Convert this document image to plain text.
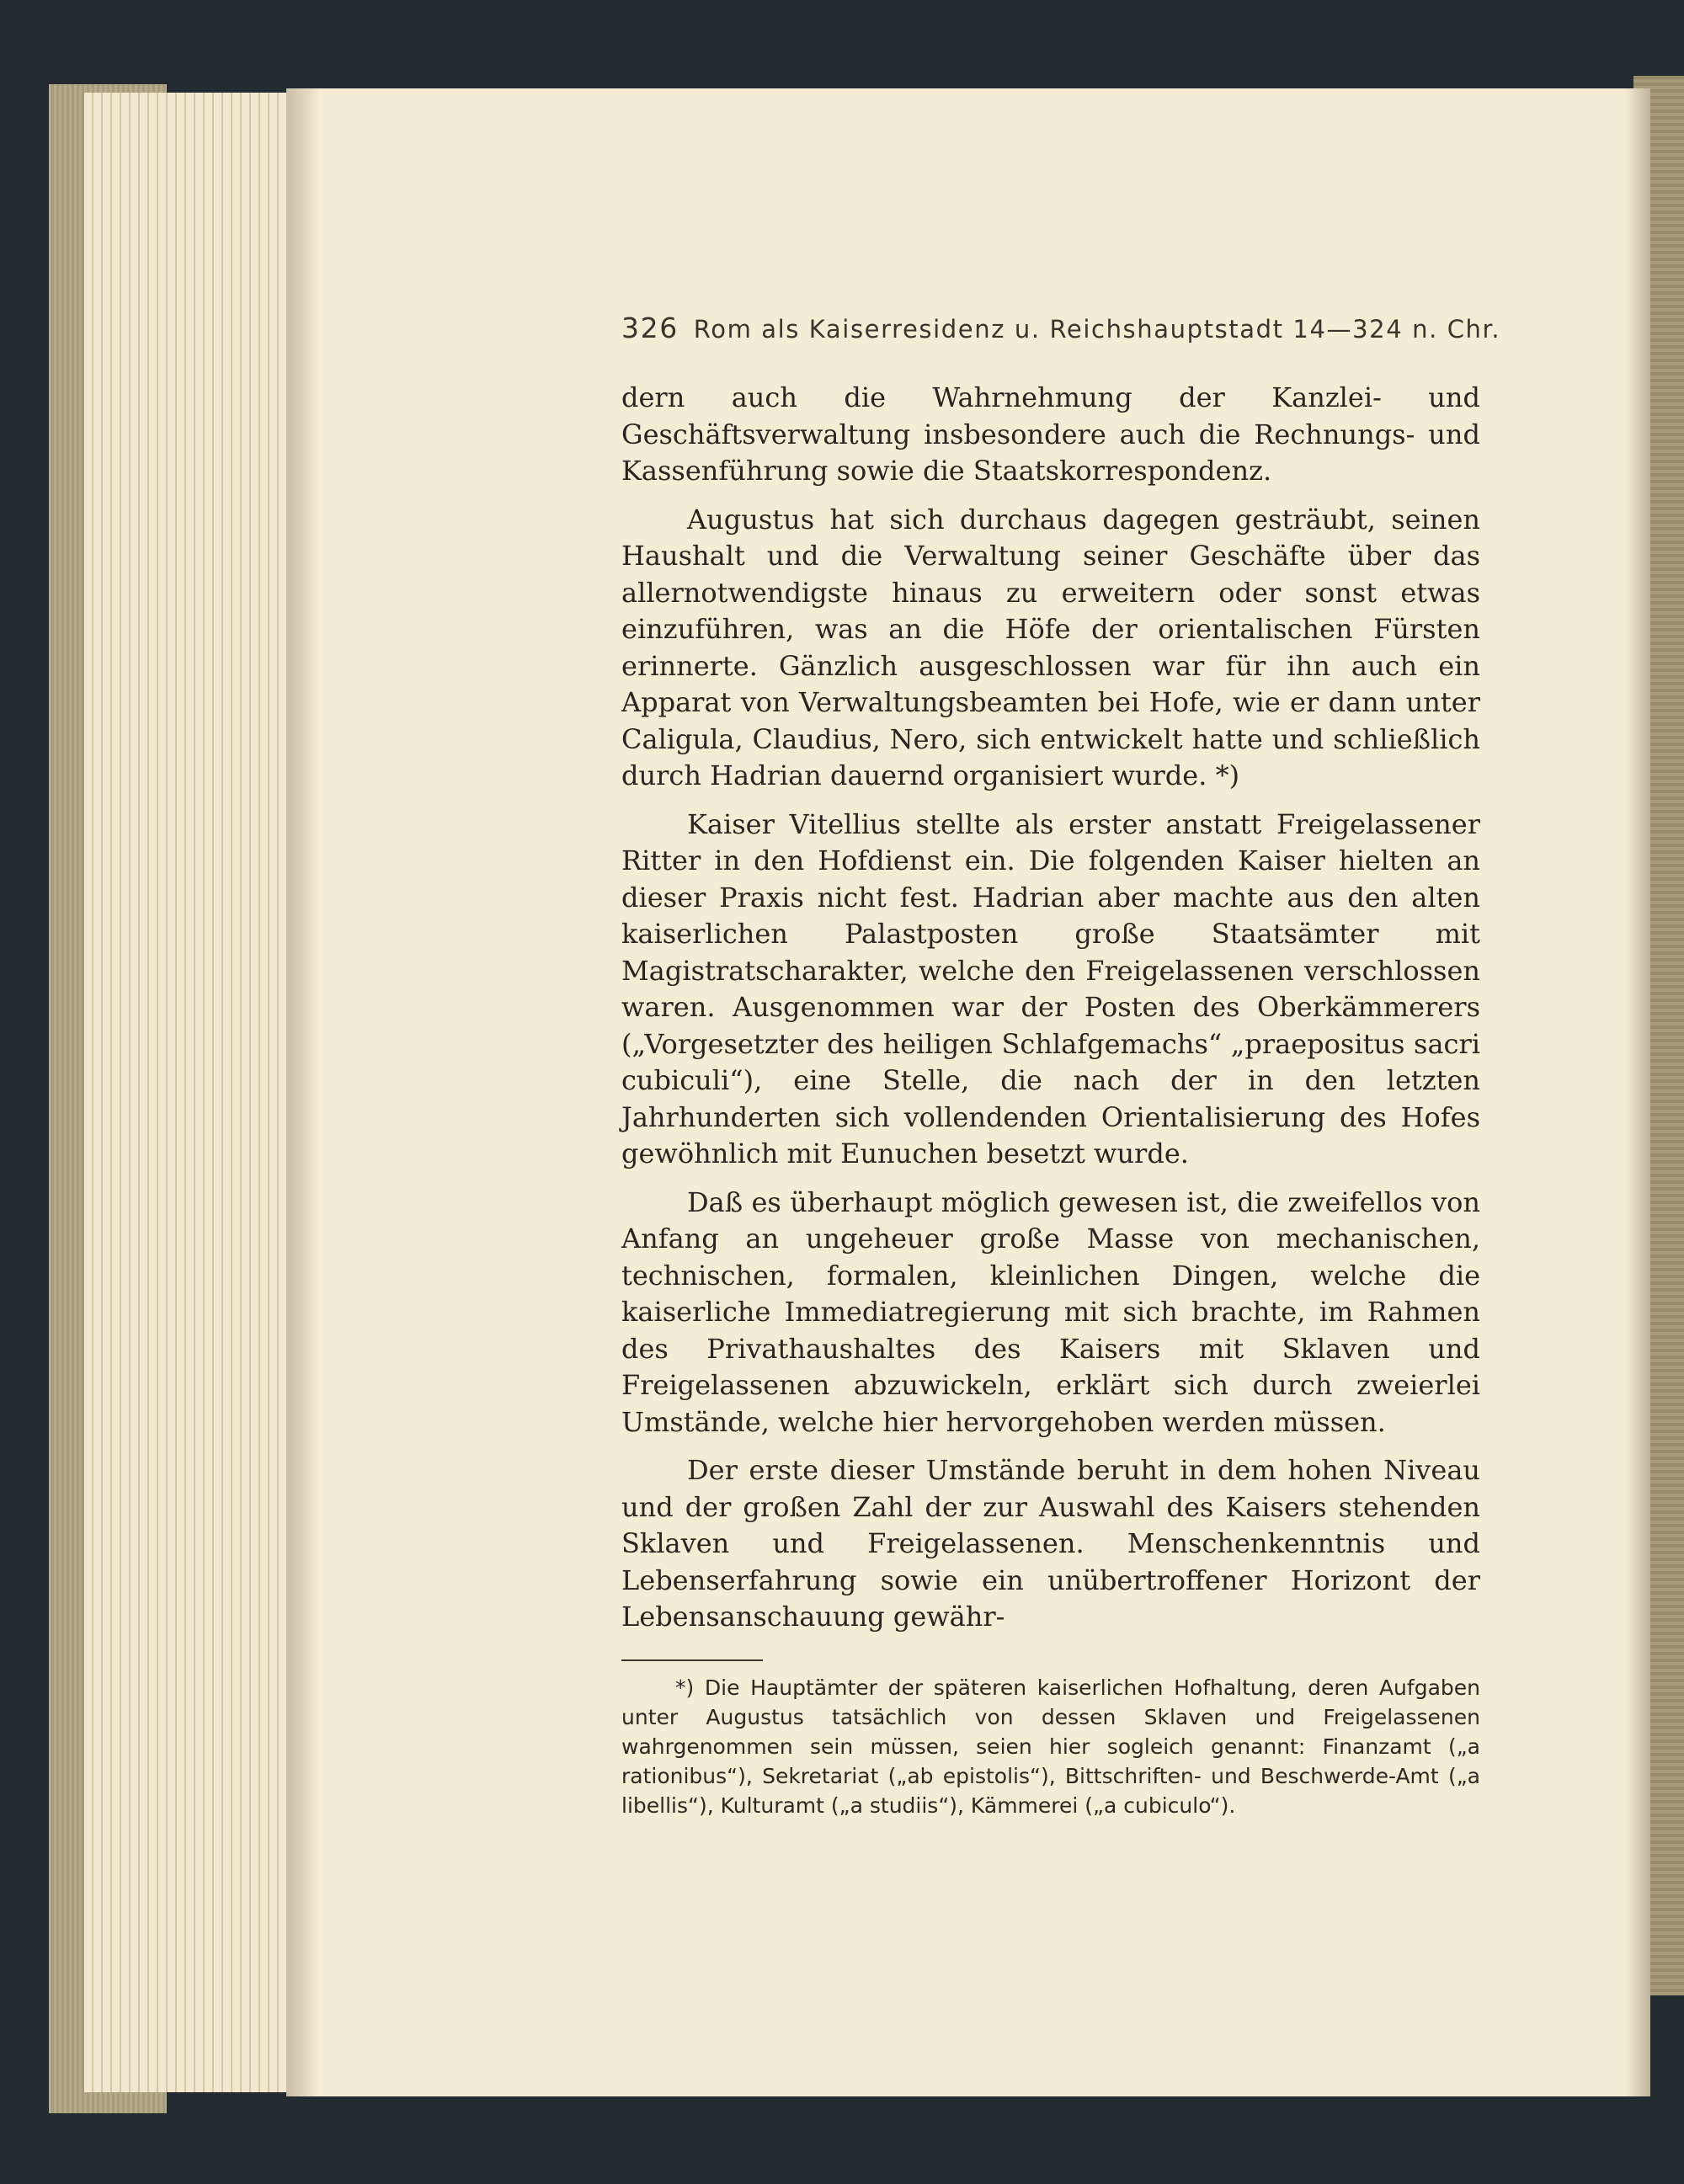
326 Rom als Kaiserresidenz u. Reichshauptstadt 14—324 n. Chr.

dern auch die Wahrnehmung der Kanzlei- und Geschäftsverwaltung insbesondere auch die Rechnungs- und Kassenführung sowie die Staatskorrespondenz.

Augustus hat sich durchaus dagegen gesträubt, seinen Haushalt und die Verwaltung seiner Geschäfte über das allernotwendigste hinaus zu erweitern oder sonst etwas einzuführen, was an die Höfe der orientalischen Fürsten erinnerte. Gänzlich ausgeschlossen war für ihn auch ein Apparat von Verwaltungsbeamten bei Hofe, wie er dann unter Caligula, Claudius, Nero, sich entwickelt hatte und schließlich durch Hadrian dauernd organisiert wurde. *)

Kaiser Vitellius stellte als erster anstatt Freigelassener Ritter in den Hofdienst ein. Die folgenden Kaiser hielten an dieser Praxis nicht fest. Hadrian aber machte aus den alten kaiserlichen Palastposten große Staatsämter mit Magistratscharakter, welche den Freigelassenen verschlossen waren. Ausgenommen war der Posten des Oberkämmerers („Vorgesetzter des heiligen Schlafgemachs“ „praepositus sacri cubiculi“), eine Stelle, die nach der in den letzten Jahrhunderten sich vollendenden Orientalisierung des Hofes gewöhnlich mit Eunuchen besetzt wurde.

Daß es überhaupt möglich gewesen ist, die zweifellos von Anfang an ungeheuer große Masse von mechanischen, technischen, formalen, kleinlichen Dingen, welche die kaiserliche Immediatregierung mit sich brachte, im Rahmen des Privathaushaltes des Kaisers mit Sklaven und Freigelassenen abzuwickeln, erklärt sich durch zweierlei Umstände, welche hier hervorgehoben werden müssen.

Der erste dieser Umstände beruht in dem hohen Niveau und der großen Zahl der zur Auswahl des Kaisers stehenden Sklaven und Freigelassenen. Menschenkenntnis und Lebenserfahrung sowie ein unübertroffener Horizont der Lebensanschauung gewähr-

*) Die Hauptämter der späteren kaiserlichen Hofhaltung, deren Aufgaben unter Augustus tatsächlich von dessen Sklaven und Freigelassenen wahrgenommen sein müssen, seien hier sogleich genannt: Finanzamt („a rationibus“), Sekretariat („ab epistolis“), Bittschriften- und Beschwerde-Amt („a libellis“), Kulturamt („a studiis“), Kämmerei („a cubiculo“).
